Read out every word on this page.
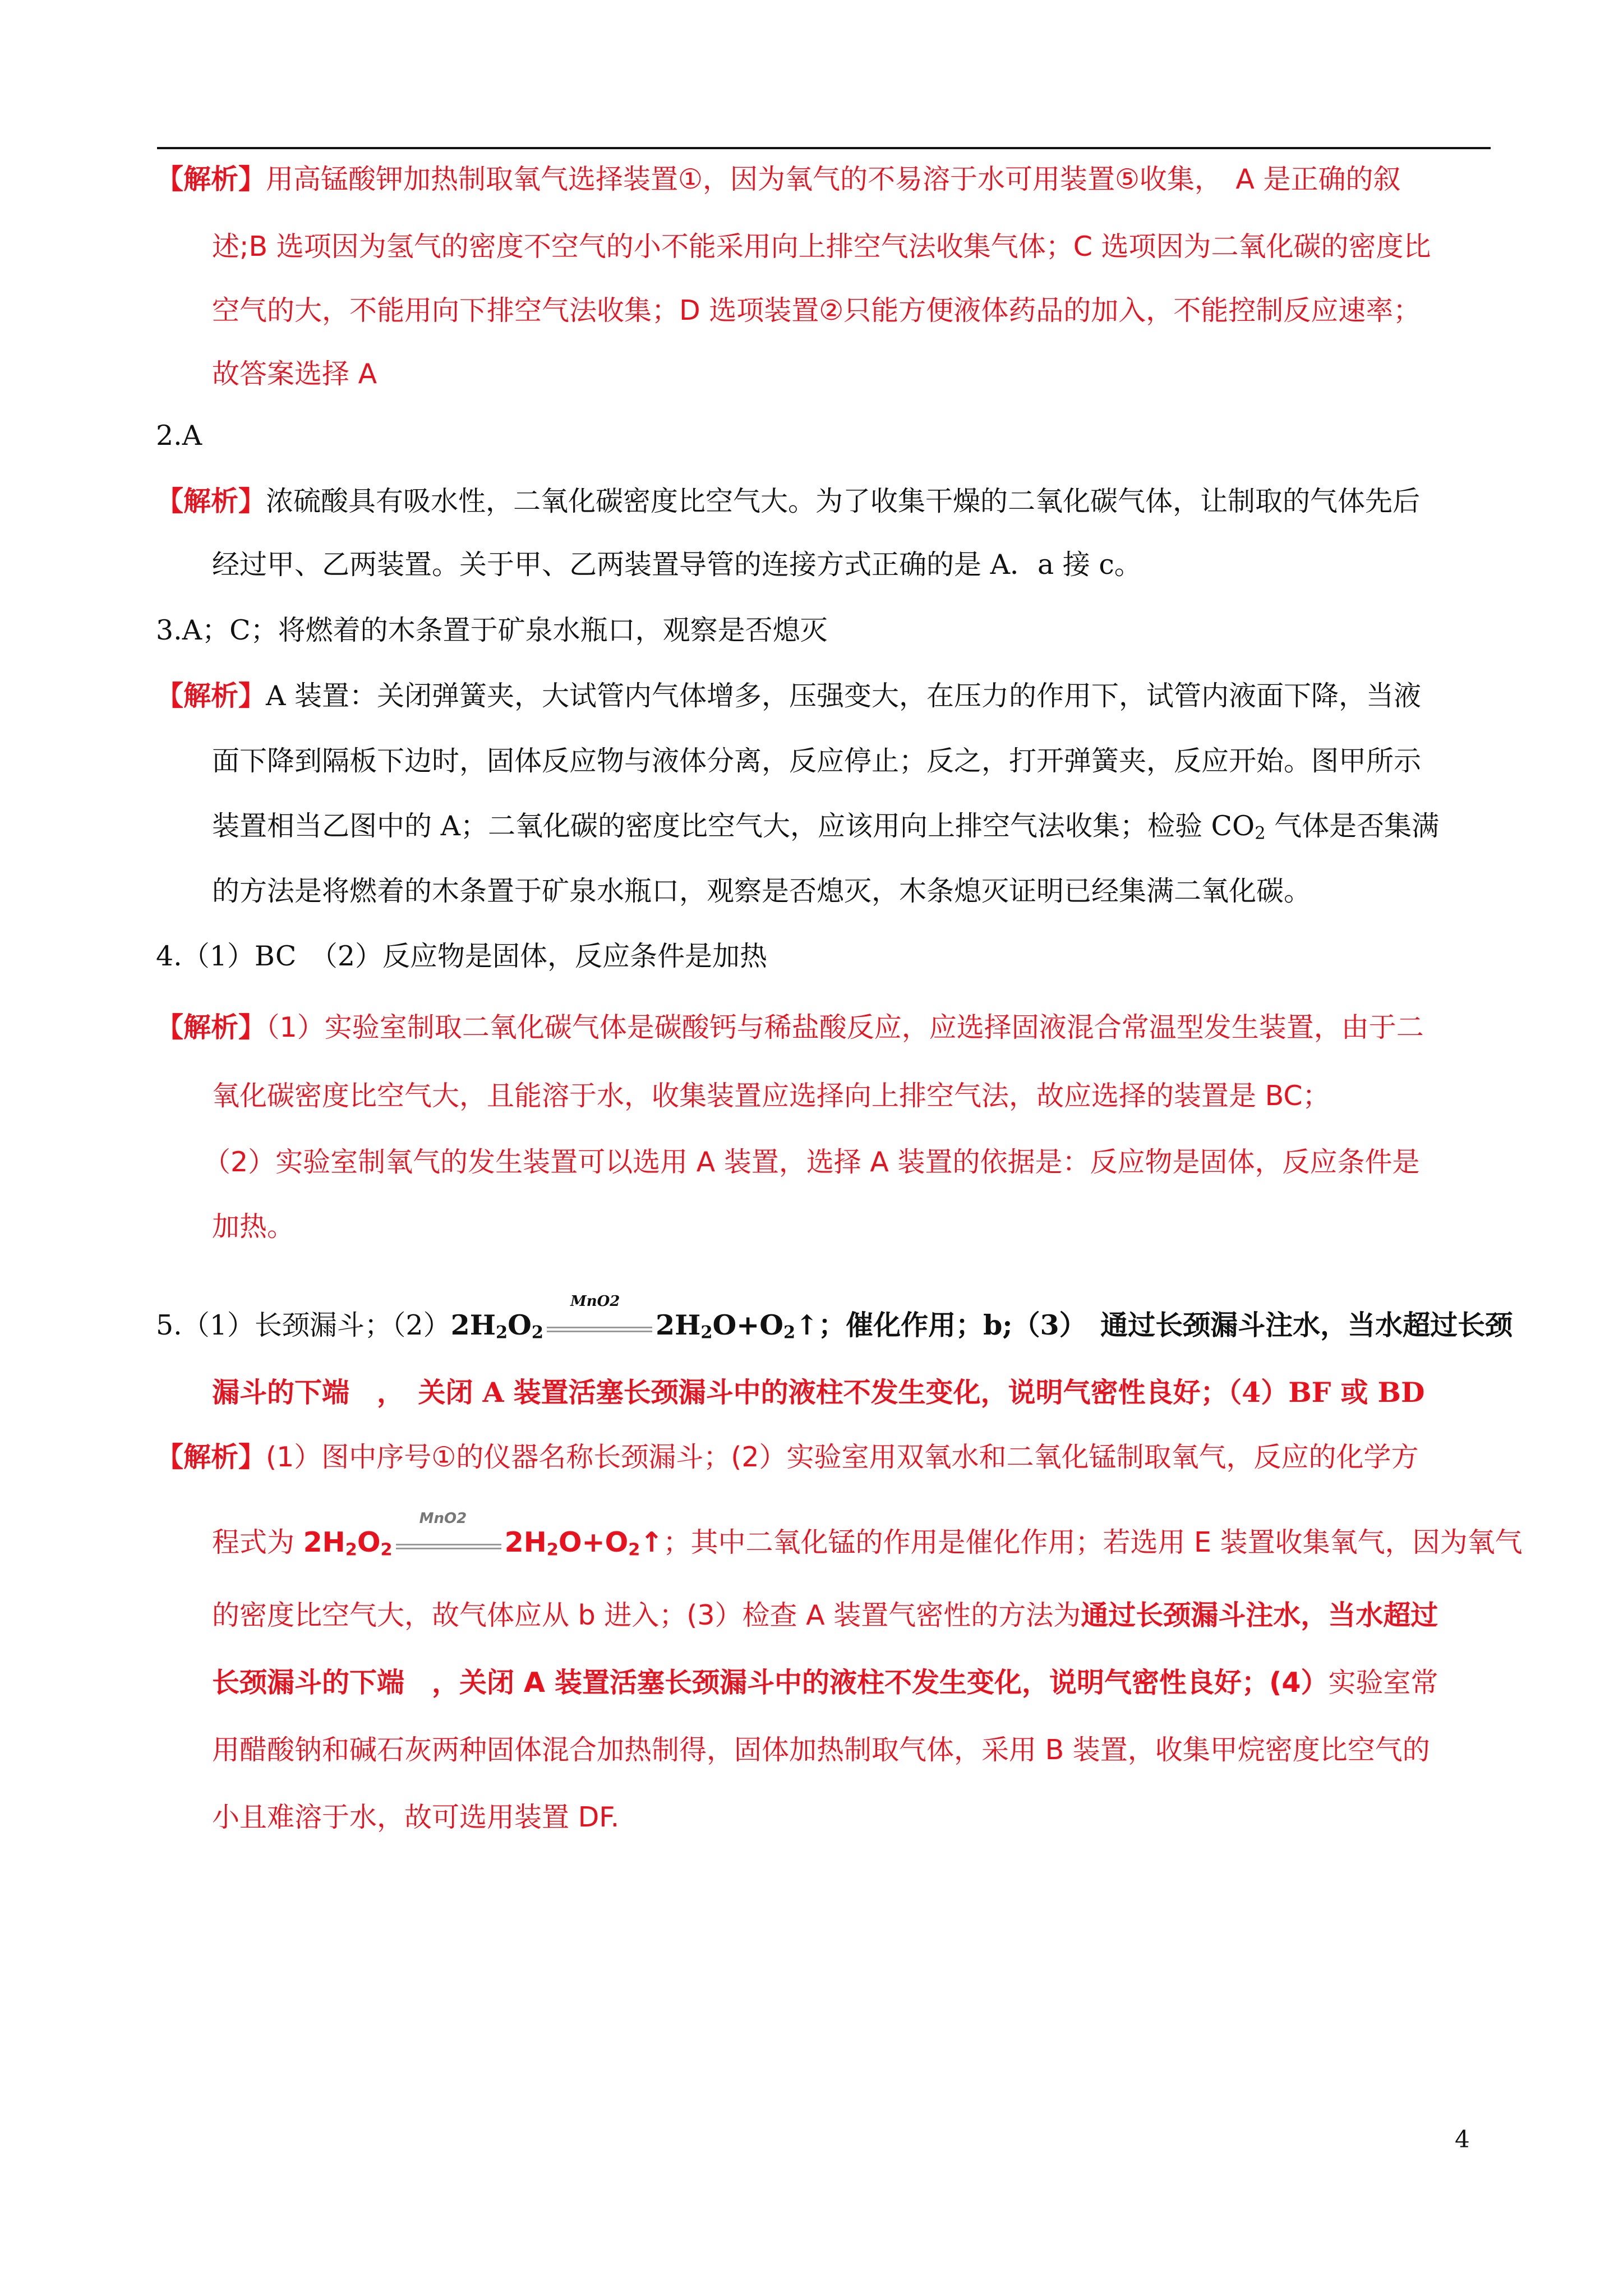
【解析】用高锰酸钾加热制取氧气选择装置①，因为氧气的不易溶于水可用装置⑤收集，　A 是正确的叙
述;B 选项因为氢气的密度不空气的小不能采用向上排空气法收集气体；C 选项因为二氧化碳的密度比
空气的大，不能用向下排空气法收集；D 选项装置②只能方便液体药品的加入，不能控制反应速率；
故答案选择 A
2.A
【解析】浓硫酸具有吸水性，二氧化碳密度比空气大。为了收集干燥的二氧化碳气体，让制取的气体先后
经过甲、乙两装置。关于甲、乙两装置导管的连接方式正确的是 A．a 接 c。
3.A；C；将燃着的木条置于矿泉水瓶口，观察是否熄灭
【解析】A 装置：关闭弹簧夹，大试管内气体增多，压强变大，在压力的作用下，试管内液面下降，当液
面下降到隔板下边时，固体反应物与液体分离，反应停止；反之，打开弹簧夹，反应开始。图甲所示
装置相当乙图中的 A；二氧化碳的密度比空气大，应该用向上排空气法收集；检验 $CO_2$ 气体是否集满
的方法是将燃着的木条置于矿泉水瓶口，观察是否熄灭，木条熄灭证明已经集满二氧化碳。
4.（1）BC　（2）反应物是固体，反应条件是加热
【解析】（1）实验室制取二氧化碳气体是碳酸钙与稀盐酸反应，应选择固液混合常温型发生装置，由于二
氧化碳密度比空气大，且能溶于水，收集装置应选择向上排空气法，故应选择的装置是 BC；
（2）实验室制氧气的发生装置可以选用 A 装置，选择 A 装置的依据是：反应物是固体，反应条件是
加热。
5.（1）长颈漏斗；$(2)2H_2O_2$
MnO2
$2H_2O+O_2↑$；催化作用；b;（3）　通过长颈漏斗注水，当水超过长颈
漏斗的下端　，　关闭 A 装置活塞长颈漏斗中的液柱不发生变化，说明气密性良好；（4）BF 或 BD
【解析】(1）图中序号①的仪器名称长颈漏斗；(2）实验室用双氧水和二氧化锰制取氧气，反应的化学方
程式为 $2H_2O_2$
MnO2
$2H_2O+O_2↑$；其中二氧化锰的作用是催化作用；若选用 E 装置收集氧气，因为氧气
的密度比空气大，故气体应从 b 进入；(3）检查 A 装置气密性的方法为通过长颈漏斗注水，当水超过
长颈漏斗的下端　，关闭 A 装置活塞长颈漏斗中的液柱不发生变化，说明气密性良好；(4）实验室常
用醋酸钠和碱石灰两种固体混合加热制得，固体加热制取气体，采用 B 装置，收集甲烷密度比空气的
小且难溶于水，故可选用装置 DF.
4
